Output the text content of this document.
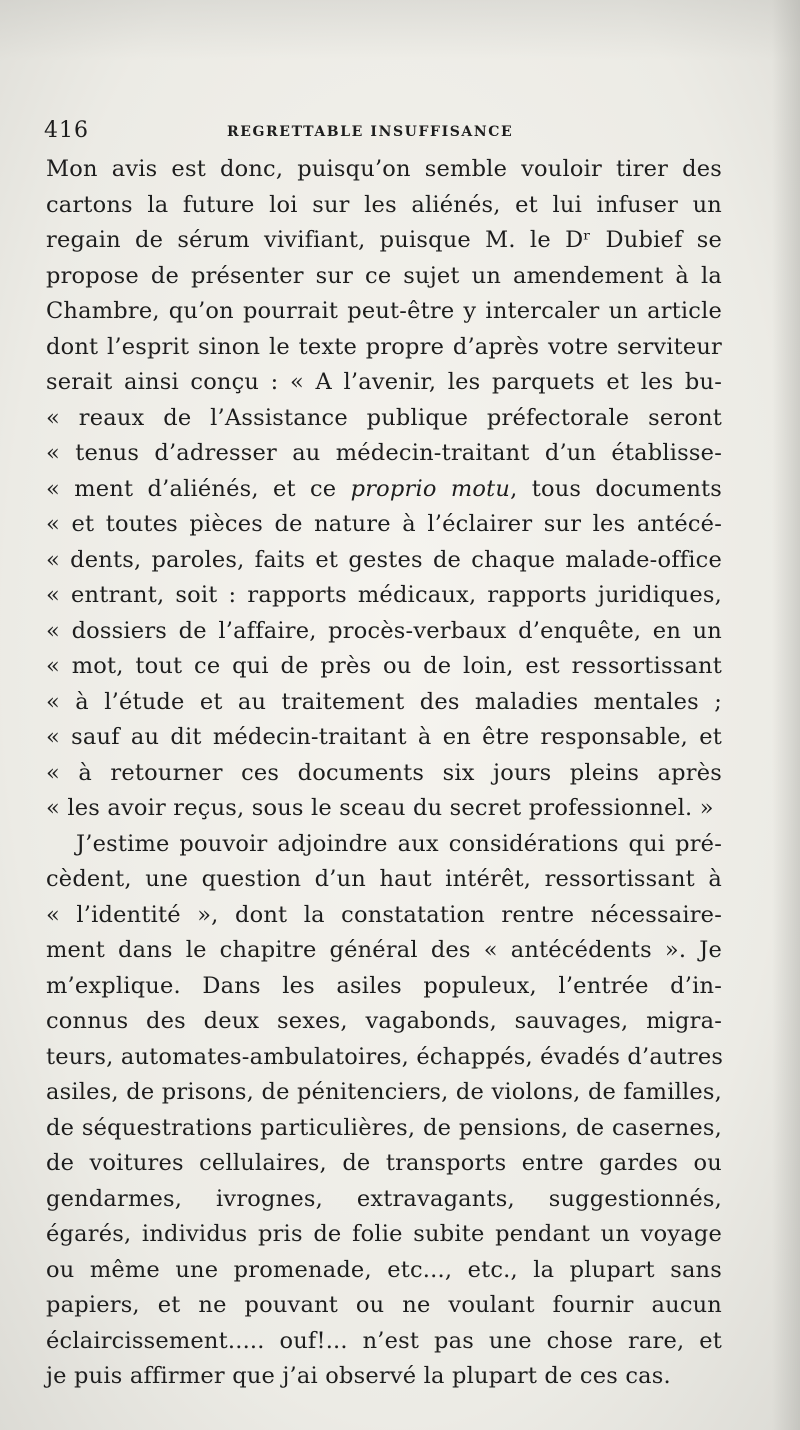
416	REGRETTABLE INSUFFISANCE
Mon avis est donc, puisqu’on semble vouloir tirer des
cartons la future loi sur les aliénés, et lui infuser un
regain de sérum vivifiant, puisque M. le Dʳ Dubief se
propose de présenter sur ce sujet un amendement à la
Chambre, qu’on pourrait peut-être y intercaler un article
dont l’esprit sinon le texte propre d’après votre serviteur
serait ainsi conçu : « A l’avenir, les parquets et les bu-
« reaux de l’Assistance publique préfectorale seront
« tenus d’adresser au médecin-traitant d’un établisse-
« ment d’aliénés, et ce proprio motu, tous documents
« et toutes pièces de nature à l’éclairer sur les antécé-
« dents, paroles, faits et gestes de chaque malade-office
« entrant, soit : rapports médicaux, rapports juridiques,
« dossiers de l’affaire, procès-verbaux d’enquête, en un
« mot, tout ce qui de près ou de loin, est ressortissant
« à l’étude et au traitement des maladies mentales ;
« sauf au dit médecin-traitant à en être responsable, et
« à retourner ces documents six jours pleins après
« les avoir reçus, sous le sceau du secret professionnel. »
J’estime pouvoir adjoindre aux considérations qui pré-
cèdent, une question d’un haut intérêt, ressortissant à
« l’identité », dont la constatation rentre nécessaire-
ment dans le chapitre général des « antécédents ». Je
m’explique. Dans les asiles populeux, l’entrée d’in-
connus des deux sexes, vagabonds, sauvages, migra-
teurs, automates-ambulatoires, échappés, évadés d’autres
asiles, de prisons, de pénitenciers, de violons, de familles,
de séquestrations particulières, de pensions, de casernes,
de voitures cellulaires, de transports entre gardes ou
gendarmes, ivrognes, extravagants, suggestionnés,
égarés, individus pris de folie subite pendant un voyage
ou même une promenade, etc..., etc., la plupart sans
papiers, et ne pouvant ou ne voulant fournir aucun
éclaircissement..... ouf!... n’est pas une chose rare, et
je puis affirmer que j’ai observé la plupart de ces cas.
